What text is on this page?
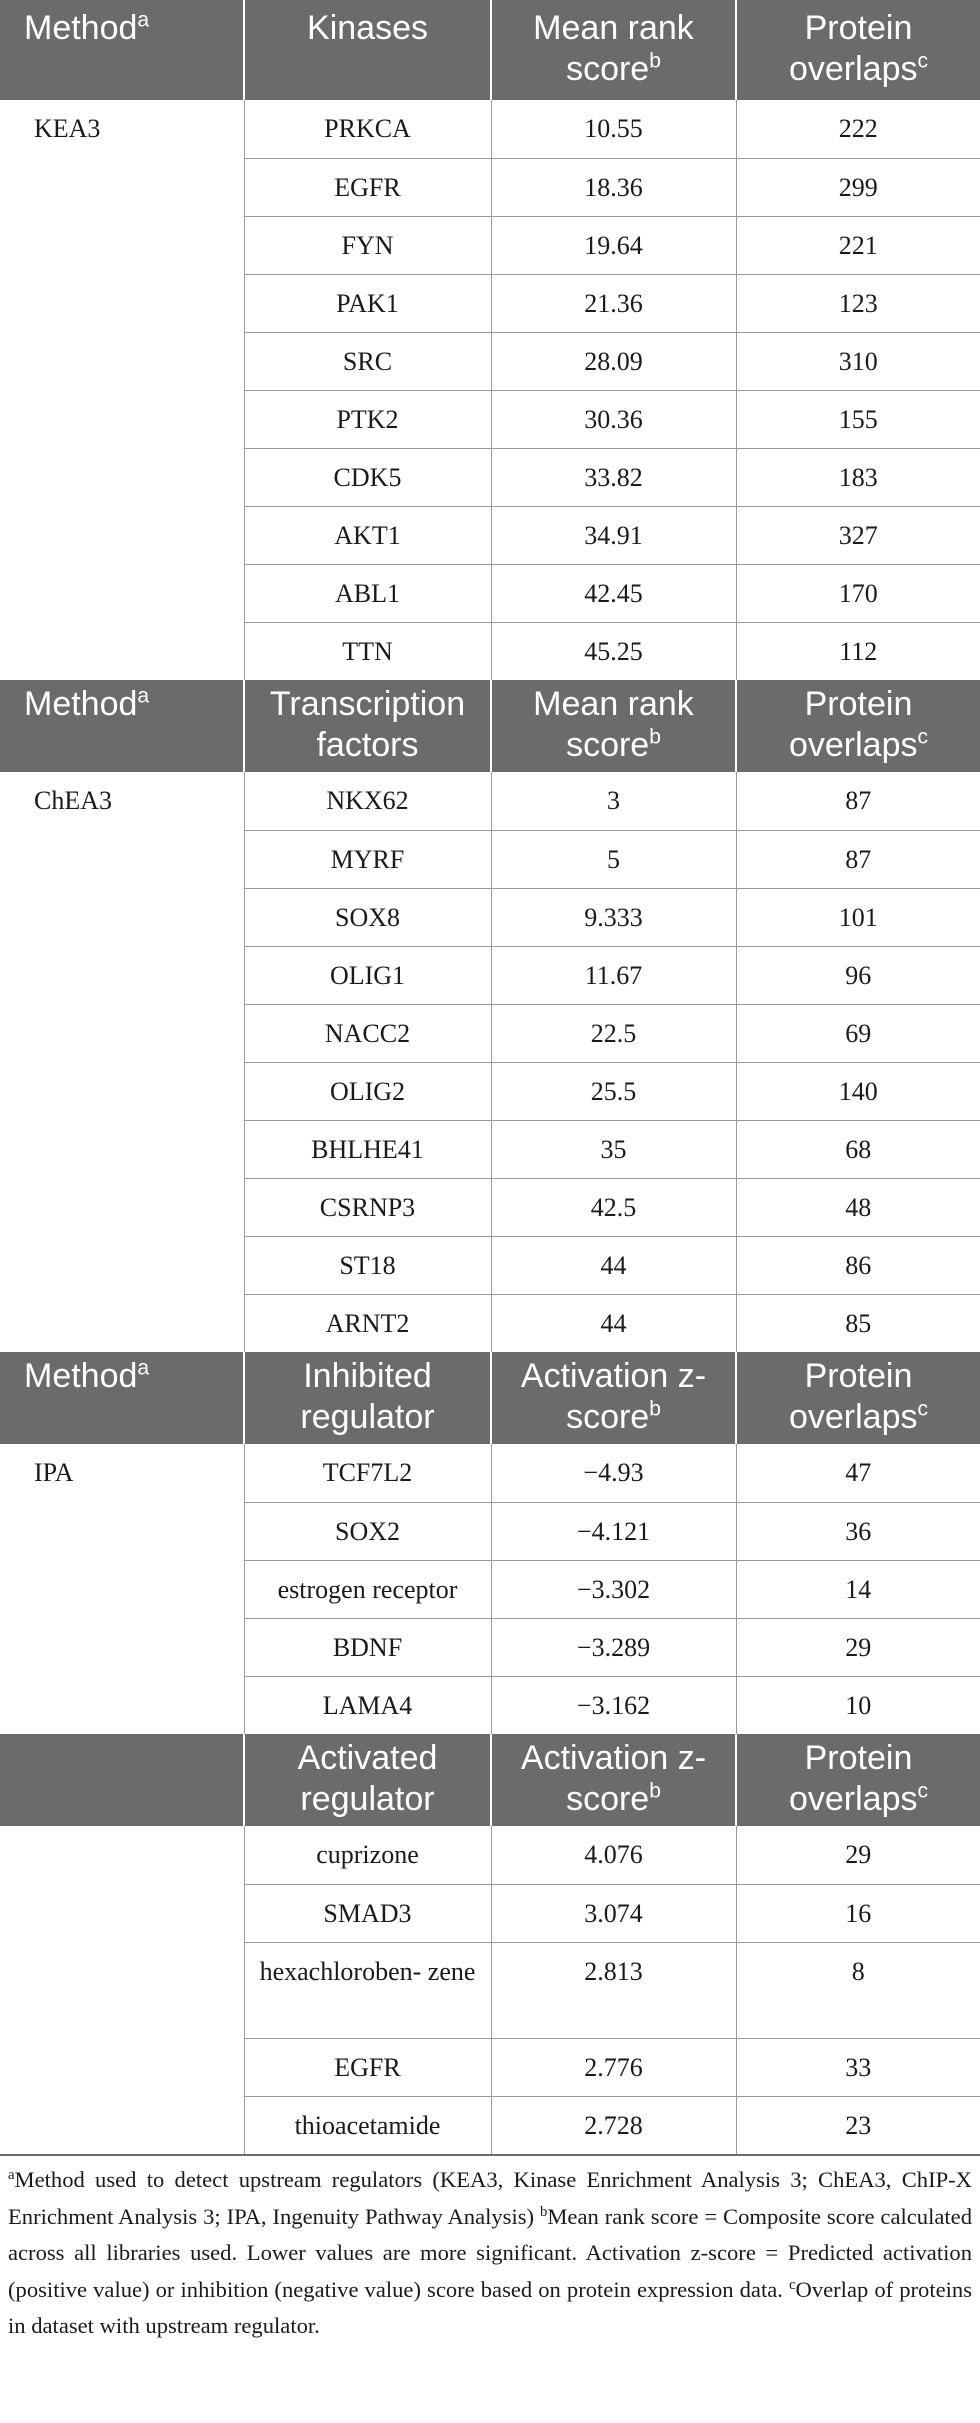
Method$^a$	Kinases	Mean rank score$^b$	Protein overlaps$^c$
KEA3	PRKCA	10.55	222
	EGFR	18.36	299
	FYN	19.64	221
	PAK1	21.36	123
	SRC	28.09	310
	PTK2	30.36	155
	CDK5	33.82	183
	AKT1	34.91	327
	ABL1	42.45	170
	TTN	45.25	112
Method$^a$	Transcription factors	Mean rank score$^b$	Protein overlaps$^c$
ChEA3	NKX62	3	87
	MYRF	5	87
	SOX8	9.333	101
	OLIG1	11.67	96
	NACC2	22.5	69
	OLIG2	25.5	140
	BHLHE41	35	68
	CSRNP3	42.5	48
	ST18	44	86
	ARNT2	44	85
Method$^a$	Inhibited regulator	Activation z-score$^b$	Protein overlaps$^c$
IPA	TCF7L2	−4.93	47
	SOX2	−4.121	36
	estrogen receptor	−3.302	14
	BDNF	−3.289	29
	LAMA4	−3.162	10
	Activated regulator	Activation z-score$^b$	Protein overlaps$^c$
	cuprizone	4.076	29
	SMAD3	3.074	16
	hexachloroben- zene	2.813	8
	EGFR	2.776	33
	thioacetamide	2.728	23
$^a$Method used to detect upstream regulators (KEA3, Kinase Enrichment Analysis 3; ChEA3, ChIP-X Enrichment Analysis 3; IPA, Ingenuity Pathway Analysis) $^b$Mean rank score = Composite score calculated across all libraries used. Lower values are more significant. Activation z-score = Predicted activation (positive value) or inhibition (negative value) score based on protein expression data. $^c$Overlap of proteins in dataset with upstream regulator.
